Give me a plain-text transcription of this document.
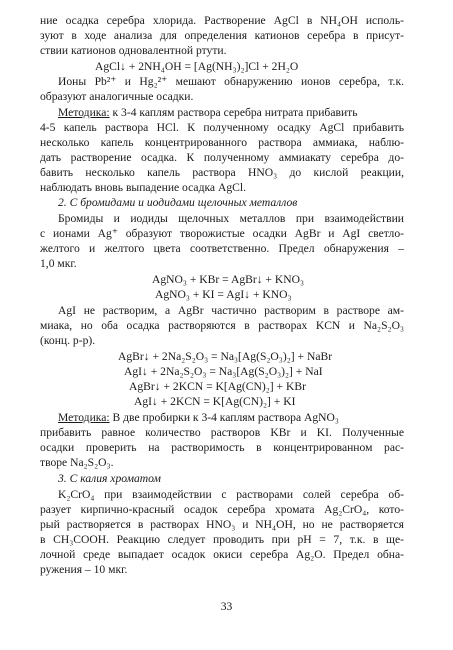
ние осадка серебра хлорида. Растворение AgCl в NH₄OH исполь-
зуют в ходе анализа для определения катионов серебра в присут-
ствии катионов одновалентной ртути.
AgCl↓ + 2NH₄OH = [Ag(NH₃)₂]Cl + 2H₂O
Ионы Pb²⁺ и Hg₂²⁺ мешают обнаружению ионов серебра, т.к.
образуют аналогичные осадки.
Методика: к 3-4 каплям раствора серебра нитрата прибавить
4-5 капель раствора HCl. К полученному осадку AgCl прибавить
несколько капель концентрированного раствора аммиака, наблю-
дать растворение осадка. К полученному аммиакату серебра до-
бавить несколько капель раствора HNO₃ до кислой реакции,
наблюдать вновь выпадение осадка AgCl.
2. С бромидами и иодидами щелочных металлов
Бромиды и иодиды щелочных металлов при взаимодействии
с ионами Ag⁺ образуют творожистые осадки AgBr и AgI светло-
желтого и желтого цвета соответственно. Предел обнаружения –
1,0 мкг.
AgNO₃ + KBr = AgBr↓ + KNO₃
AgNO₃ + KI = AgI↓ + KNO₃
AgI не растворим, а AgBr частично растворим в растворе ам-
миака, но оба осадка растворяются в растворах KCN и Na₂S₂O₃
(конц. р-р).
AgBr↓ + 2Na₂S₂O₃ = Na₃[Ag(S₂O₃)₂] + NaBr
AgI↓ + 2Na₂S₂O₃ = Na₃[Ag(S₂O₃)₂] + NaI
AgBr↓ + 2KCN = K[Ag(CN)₂] + KBr
AgI↓ + 2KCN = K[Ag(CN)₂] + KI
Методика: В две пробирки к 3-4 каплям раствора AgNO₃
прибавить равное количество растворов KBr и KI. Полученные
осадки проверить на растворимость в концентрированном рас-
творе Na₂S₂O₃.
3. С калия хроматом
K₂CrO₄ при взаимодействии с растворами солей серебра об-
разует кирпично-красный осадок серебра хромата Ag₂CrO₄, кото-
рый растворяется в растворах HNO₃ и NH₄OH, но не растворяется
в CH₃COOH. Реакцию следует проводить при pH = 7, т.к. в ще-
лочной среде выпадает осадок окиси серебра Ag₂O. Предел обна-
ружения – 10 мкг.
33
